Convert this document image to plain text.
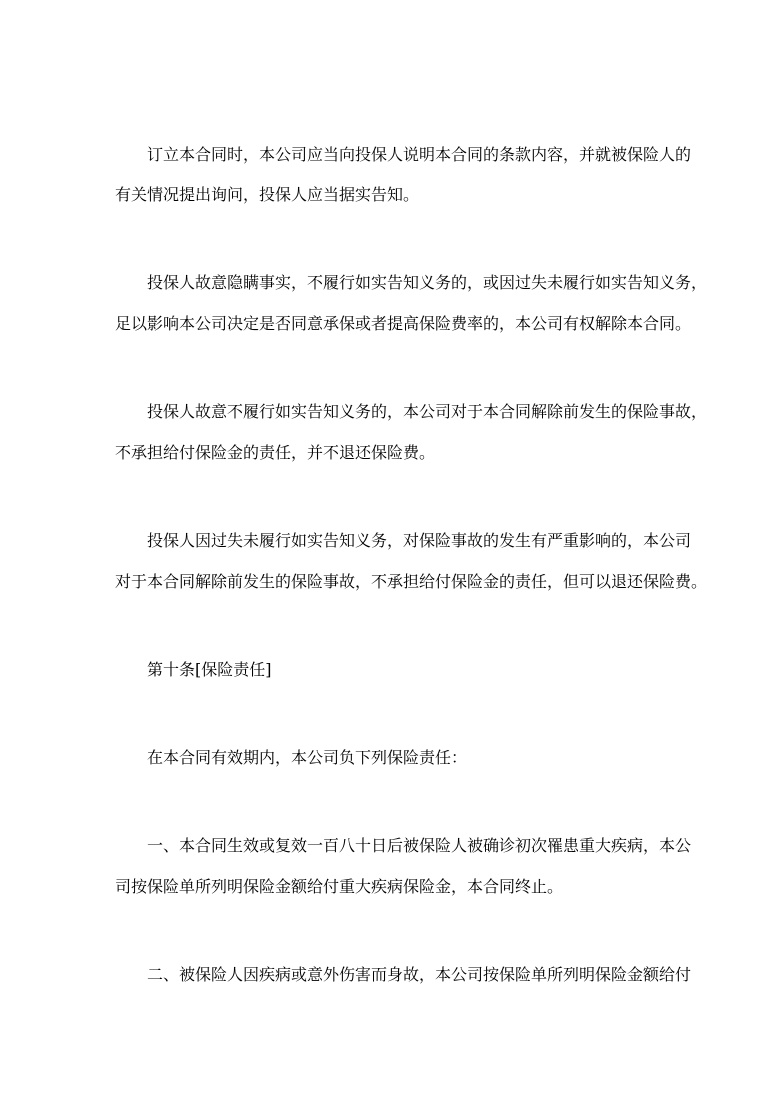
订立本合同时，本公司应当向投保人说明本合同的条款内容，并就被保险人的
有关情况提出询问，投保人应当据实告知。
投保人故意隐瞒事实，不履行如实告知义务的，或因过失未履行如实告知义务，
足以影响本公司决定是否同意承保或者提高保险费率的，本公司有权解除本合同。
投保人故意不履行如实告知义务的，本公司对于本合同解除前发生的保险事故，
不承担给付保险金的责任，并不退还保险费。
投保人因过失未履行如实告知义务，对保险事故的发生有严重影响的，本公司
对于本合同解除前发生的保险事故，不承担给付保险金的责任，但可以退还保险费。
第十条[保险责任]
在本合同有效期内，本公司负下列保险责任：
一、本合同生效或复效一百八十日后被保险人被确诊初次罹患重大疾病，本公
司按保险单所列明保险金额给付重大疾病保险金，本合同终止。
二、被保险人因疾病或意外伤害而身故，本公司按保险单所列明保险金额给付
